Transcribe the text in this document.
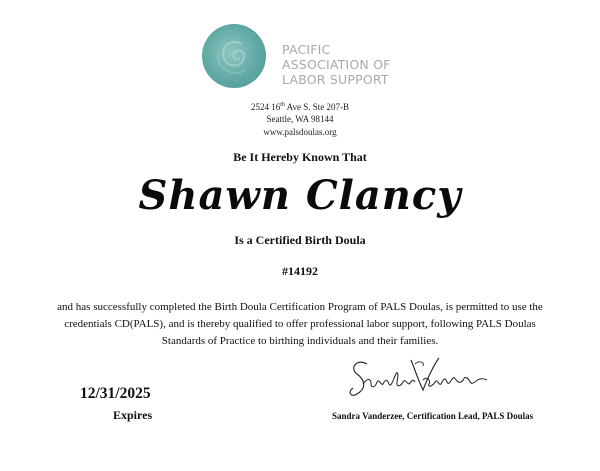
PACIFIC
ASSOCIATION OF
LABOR SUPPORT
2524 16th Ave S. Ste 207-B
Seattle, WA 98144
www.palsdoulas.org
Be It Hereby Known That
Shawn Clancy
Is a Certified Birth Doula
#14192
and has successfully completed the Birth Doula Certification Program of PALS Doulas, is permitted to use the credentials CD(PALS), and is thereby qualified to offer professional labor support, following PALS Doulas Standards of Practice to birthing individuals and their families.
12/31/2025
Expires	Sandra Vanderzee, Certification Lead, PALS Doulas
